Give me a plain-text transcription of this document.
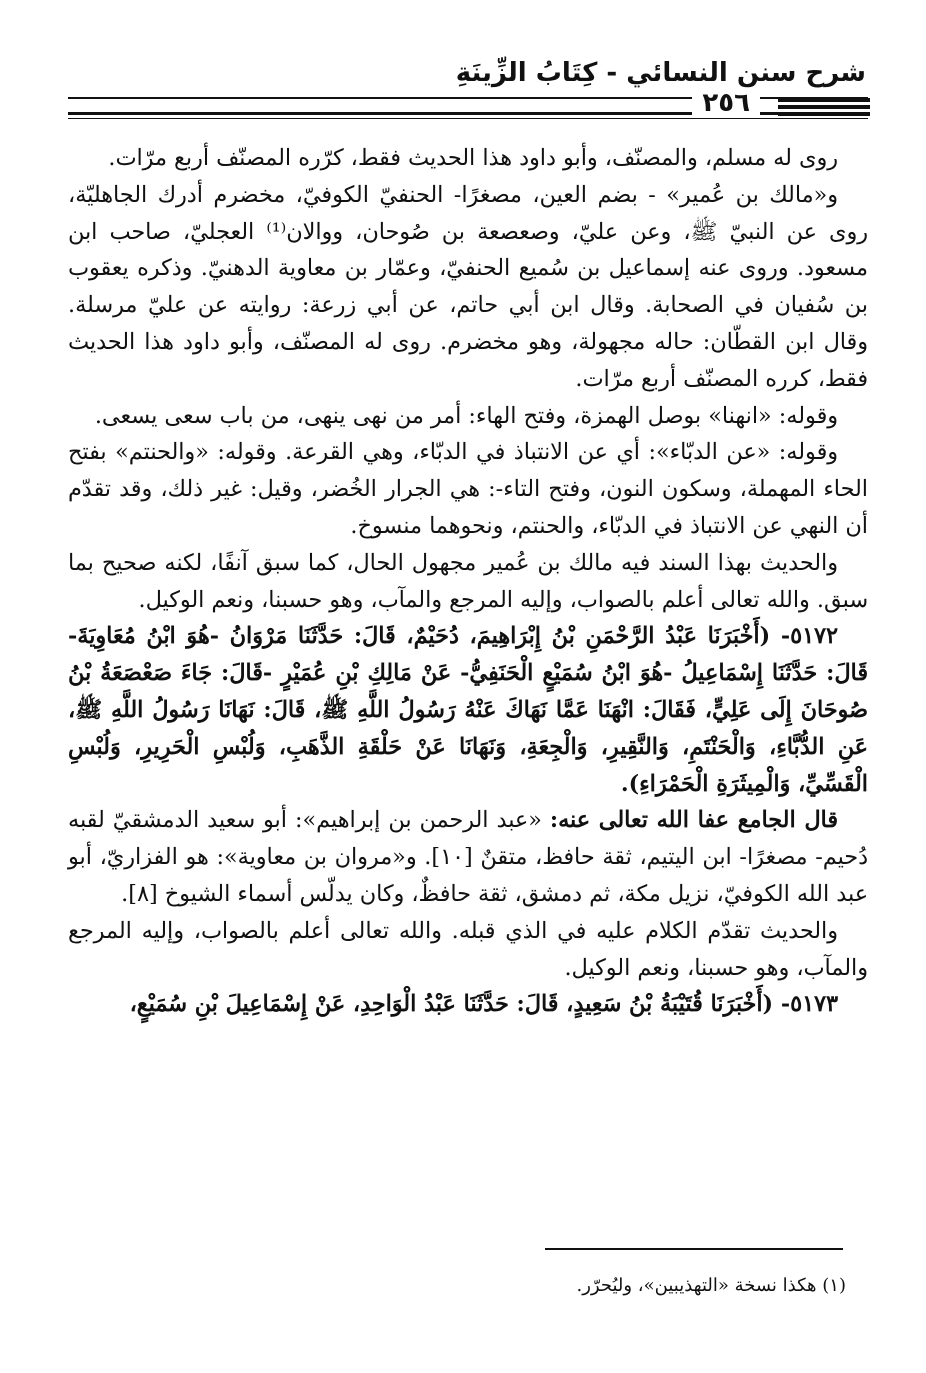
شرح سنن النسائي - كِتَابُ الزِّينَةِ
٢٥٦

روى له مسلم، والمصنّف، وأبو داود هذا الحديث فقط، كرّره المصنّف أربع مرّات.

و«مالك بن عُمير» - بضم العين، مصغرًا- الحنفيّ الكوفيّ، مخضرم أدرك الجاهليّة، روى عن النبيّ ﷺ، وعن عليّ، وصعصعة بن صُوحان، ووالان⁽¹⁾ العجليّ، صاحب ابن مسعود. وروى عنه إسماعيل بن سُميع الحنفيّ، وعمّار بن معاوية الدهنيّ. وذكره يعقوب بن سُفيان في الصحابة. وقال ابن أبي حاتم، عن أبي زرعة: روايته عن عليّ مرسلة. وقال ابن القطّان: حاله مجهولة، وهو مخضرم. روى له المصنّف، وأبو داود هذا الحديث فقط، كرره المصنّف أربع مرّات.

وقوله: «انهنا» بوصل الهمزة، وفتح الهاء: أمر من نهى ينهى، من باب سعى يسعى.

وقوله: «عن الدبّاء»: أي عن الانتباذ في الدبّاء، وهي القرعة. وقوله: «والحنتم» بفتح الحاء المهملة، وسكون النون، وفتح التاء-: هي الجرار الخُضر، وقيل: غير ذلك، وقد تقدّم أن النهي عن الانتباذ في الدبّاء، والحنتم، ونحوهما منسوخ.

والحديث بهذا السند فيه مالك بن عُمير مجهول الحال، كما سبق آنفًا، لكنه صحيح بما سبق. والله تعالى أعلم بالصواب، وإليه المرجع والمآب، وهو حسبنا، ونعم الوكيل.

٥١٧٢- (أَخْبَرَنَا عَبْدُ الرَّحْمَنِ بْنُ إِبْرَاهِيمَ، دُحَيْمٌ، قَالَ: حَدَّثَنَا مَرْوَانُ -هُوَ ابْنُ مُعَاوِيَةَ- قَالَ: حَدَّثَنَا إِسْمَاعِيلُ -هُوَ ابْنُ سُمَيْعٍ الْحَنَفِيُّ- عَنْ مَالِكِ بْنِ عُمَيْرٍ -قَالَ: جَاءَ صَعْصَعَةُ بْنُ صُوحَانَ إِلَى عَلِيٍّ، فَقَالَ: انْهَنَا عَمَّا نَهَاكَ عَنْهُ رَسُولُ اللَّهِ ﷺ، قَالَ: نَهَانَا رَسُولُ اللَّهِ ﷺ، عَنِ الدُّبَّاءِ، وَالْحَنْتَمِ، وَالنَّقِيرِ، وَالْجِعَةِ، وَنَهَانَا عَنْ حَلْقَةِ الذَّهَبِ، وَلُبْسِ الْحَرِيرِ، وَلُبْسِ الْقَسِّيِّ، وَالْمِيثَرَةِ الْحَمْرَاءِ).

قال الجامع عفا الله تعالى عنه: «عبد الرحمن بن إبراهيم»: أبو سعيد الدمشقيّ لقبه دُحيم- مصغرًا- ابن اليتيم، ثقة حافظ، متقنٌ [١٠]. و«مروان بن معاوية»: هو الفزاريّ، أبو عبد الله الكوفيّ، نزيل مكة، ثم دمشق، ثقة حافظٌ، وكان يدلّس أسماء الشيوخ [٨].

والحديث تقدّم الكلام عليه في الذي قبله. والله تعالى أعلم بالصواب، وإليه المرجع والمآب، وهو حسبنا، ونعم الوكيل.

٥١٧٣- (أَخْبَرَنَا قُتَيْبَةُ بْنُ سَعِيدٍ، قَالَ: حَدَّثَنَا عَبْدُ الْوَاحِدِ، عَنْ إِسْمَاعِيلَ بْنِ سُمَيْعٍ،

(١) هكذا نسخة «التهذيبين»، وليُحرّر.
